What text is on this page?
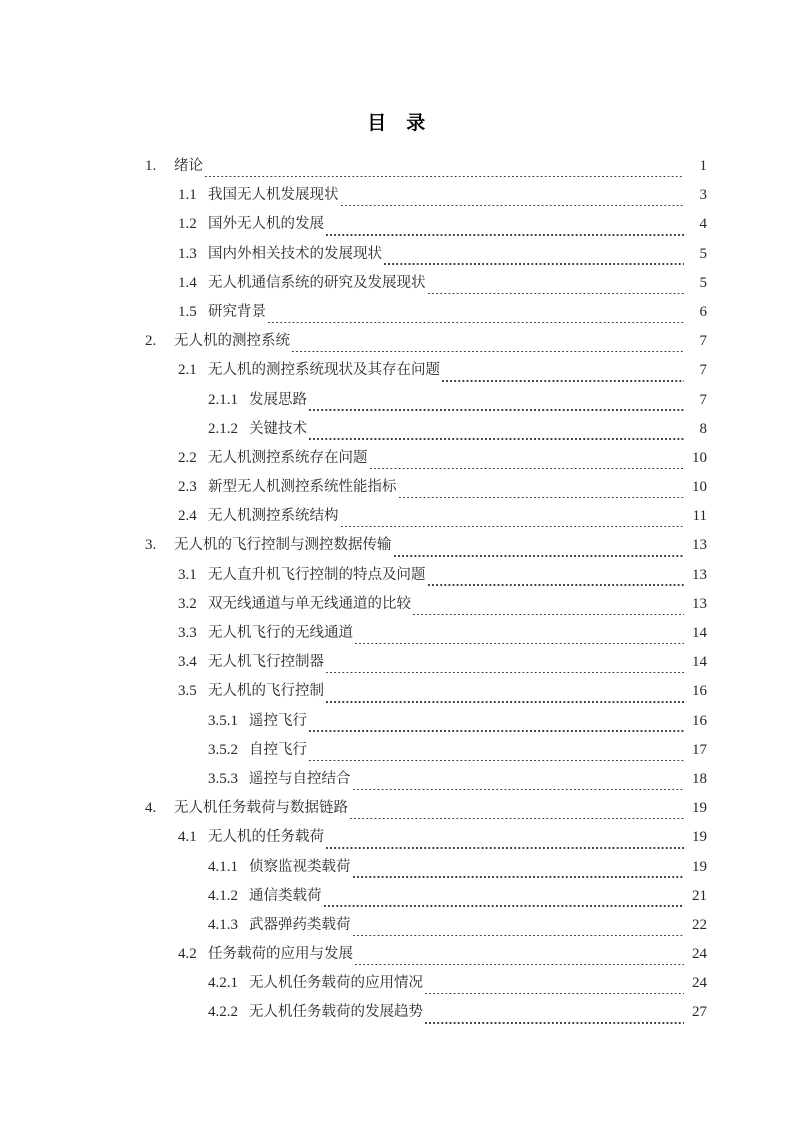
目　录
1.	绪论	1
1.1 我国无人机发展现状	3
1.2 国外无人机的发展	4
1.3 国内外相关技术的发展现状	5
1.4 无人机通信系统的研究及发展现状	5
1.5 研究背景	6
2.	无人机的测控系统	7
2.1 无人机的测控系统现状及其存在问题	7
2.1.1 发展思路	7
2.1.2 关键技术	8
2.2 无人机测控系统存在问题	10
2.3 新型无人机测控系统性能指标	10
2.4 无人机测控系统结构	11
3.	无人机的飞行控制与测控数据传输	13
3.1 无人直升机飞行控制的特点及问题	13
3.2 双无线通道与单无线通道的比较	13
3.3 无人机飞行的无线通道	14
3.4 无人机飞行控制器	14
3.5 无人机的飞行控制	16
3.5.1 遥控飞行	16
3.5.2 自控飞行	17
3.5.3 遥控与自控结合	18
4.	无人机任务载荷与数据链路	19
4.1 无人机的任务载荷	19
4.1.1 侦察监视类载荷	19
4.1.2 通信类载荷	21
4.1.3 武器弹药类载荷	22
4.2 任务载荷的应用与发展	24
4.2.1 无人机任务载荷的应用情况	24
4.2.2 无人机任务载荷的发展趋势	27
